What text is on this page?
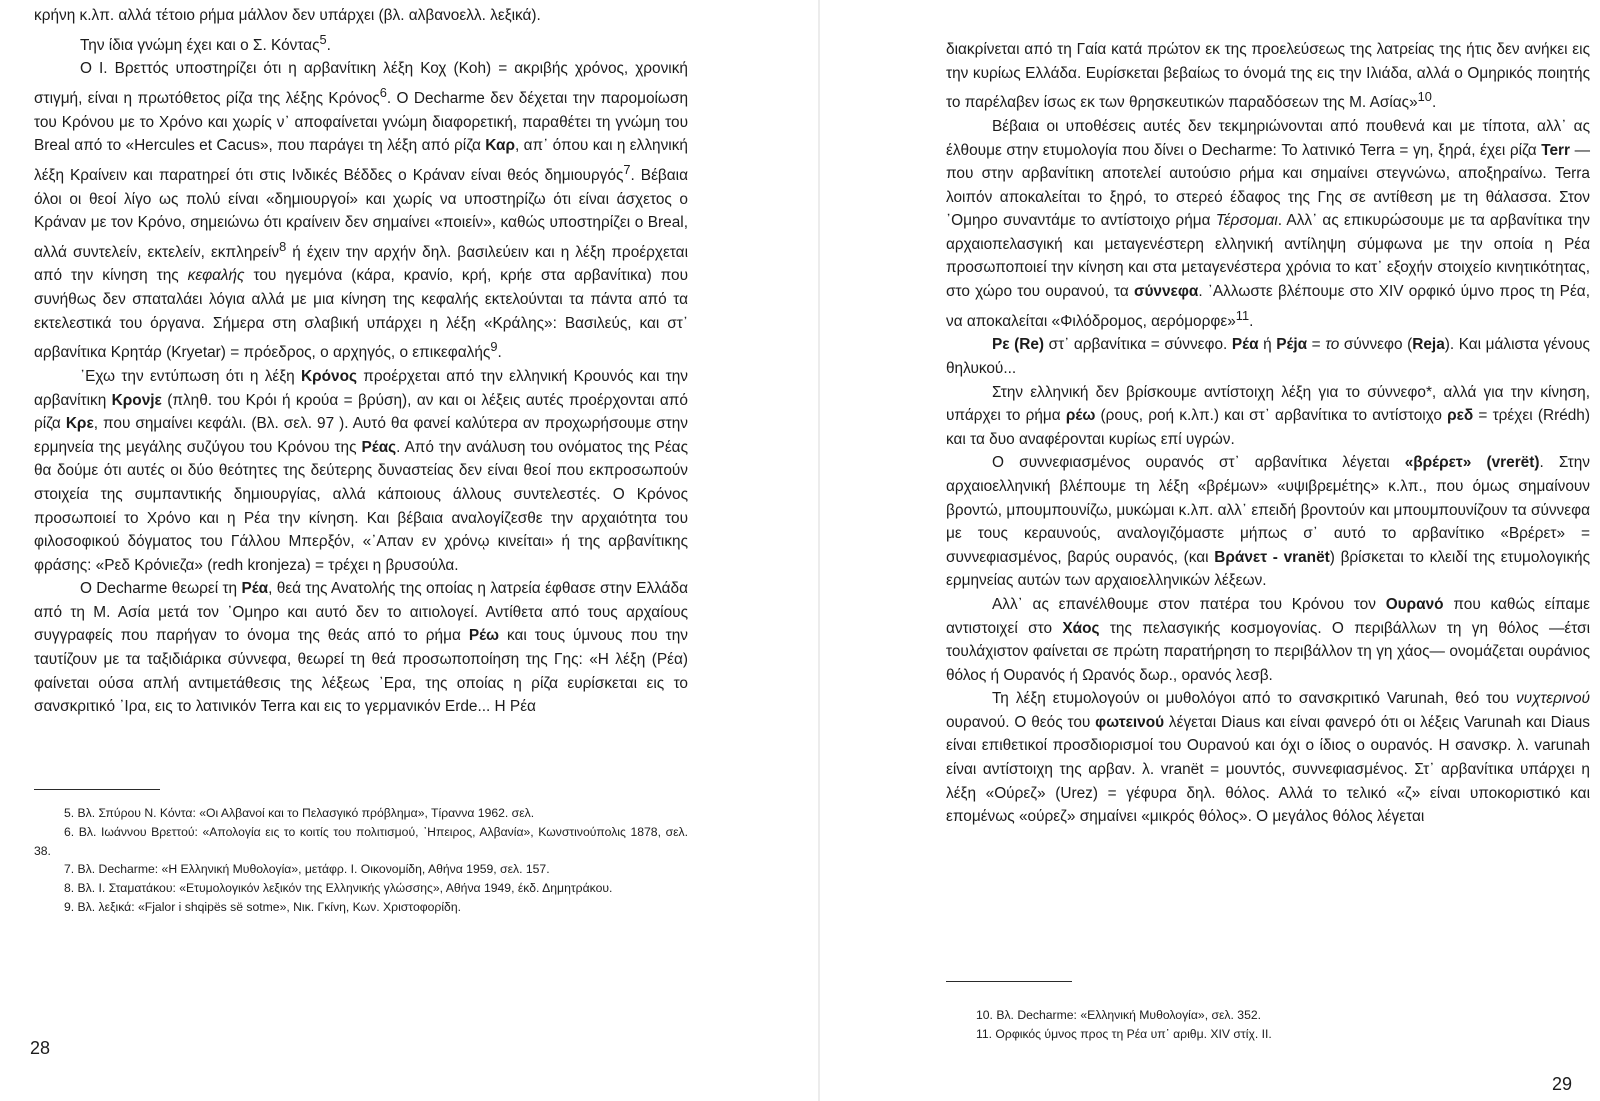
κρήνη κ.λπ. αλλά τέτοιο ρήμα μάλλον δεν υπάρχει (βλ. αλβανοελλ. λεξικά).

Την ίδια γνώμη έχει και ο Σ. Κόντας$^5$.

Ο Ι. Βρεττός υποστηρίζει ότι η αρβανίτικη λέξη Κοχ (Koh) = ακριβής χρόνος, χρονική στιγμή, είναι η πρωτόθετος ρίζα της λέξης Κρόνος$^6$. Ο Decharme δεν δέχεται την παρομοίωση του Κρόνου με το Χρόνο και χωρίς ν᾽ αποφαίνεται γνώμη διαφορετική, παραθέτει τη γνώμη του Breal από το «Hercules et Cacus», που παράγει τη λέξη από ρίζα Καρ, απ᾽ όπου και η ελληνική λέξη Κραίνειν και παρατηρεί ότι στις Ινδικές Βέδδες ο Κράναν είναι θεός δημιουργός$^7$. Βέβαια όλοι οι θεοί λίγο ως πολύ είναι «δημιουργοί» και χωρίς να υποστηρίζω ότι είναι άσχετος ο Κράναν με τον Κρόνο, σημειώνω ότι κραίνειν δεν σημαίνει «ποιείν», καθώς υποστηρίζει ο Βreal, αλλά συντελείν, εκτελείν, εκπληρείν$^8$ ή έχειν την αρχήν δηλ. βασιλεύειν και η λέξη προέρχεται από την κίνηση της κεφαλής του ηγεμόνα (κάρα, κρανίο, κρή, κρήε στα αρβανίτικα) που συνήθως δεν σπαταλάει λόγια αλλά με μια κίνηση της κεφαλής εκτελούνται τα πάντα από τα εκτελεστικά του όργανα. Σήμερα στη σλαβική υπάρχει η λέξη «Κράλης»: Βασιλεύς, και στ᾽ αρβανίτικα Κρητάρ (Kryetar) = πρόεδρος, ο αρχηγός, ο επικεφαλής$^9$.

᾽Εχω την εντύπωση ότι η λέξη Κρόνος προέρχεται από την ελληνική Κρουνός και την αρβανίτικη Κρονjε (πληθ. του Κρόι ή κρούα = βρύση), αν και οι λέξεις αυτές προέρχονται από ρίζα Κρε, που σημαίνει κεφάλι. (Βλ. σελ. 97 ). Αυτό θα φανεί καλύτερα αν προχωρήσουμε στην ερμηνεία της μεγάλης συζύγου του Κρόνου της Ρέας. Από την ανάλυση του ονόματος της Ρέας θα δούμε ότι αυτές οι δύο θεότητες της δεύτερης δυναστείας δεν είναι θεοί που εκπροσωπούν στοιχεία της συμπαντικής δημιουργίας, αλλά κάποιους άλλους συντελεστές. Ο Κρόνος προσωποιεί το Χρόνο και η Ρέα την κίνηση. Και βέβαια αναλογίζεσθε την αρχαιότητα του φιλοσοφικού δόγματος του Γάλλου Μπερξόν, «᾽Απαν εν χρόνῳ κινείται» ή της αρβανίτικης φράσης: «Ρεδ Κρόνιεζα» (redh kronjeza) = τρέχει η βρυσούλα.

Ο Decharme θεωρεί τη Ρέα, θεά της Ανατολής της οποίας η λατρεία έφθασε στην Ελλάδα από τη Μ. Ασία μετά τον ᾽Ομηρο και αυτό δεν το αιτιολογεί. Αντίθετα από τους αρχαίους συγγραφείς που παρήγαν το όνομα της θεάς από το ρήμα Ρέω και τους ύμνους που την ταυτίζουν με τα ταξιδιάρικα σύννεφα, θεωρεί τη θεά προσωποποίηση της Γης: «Η λέξη (Ρέα) φαίνεται ούσα απλή αντιμετάθεσις της λέξεως ᾽Ερα, της οποίας η ρίζα ευρίσκεται εις το σανσκριτικό ᾽Ιρα, εις το λατινικόν Terra και εις το γερμανικόν Erde... Η Ρέα

5. Βλ. Σπύρου Ν. Κόντα: «Οι Αλβανοί και το Πελασγικό πρόβλημα», Τίραννα 1962. σελ.

6. Βλ. Ιωάννου Βρεττού: «Απολογία εις το κοιτίς του πολιτισμού, ᾽Ηπειρος, Αλβανία», Κωνστινούπολις 1878, σελ. 38.

7. Βλ. Decharme: «Η Ελληνική Μυθολογία», μετάφρ. Ι. Οικονομίδη, Αθήνα 1959, σελ. 157.

8. Βλ. Ι. Σταματάκου: «Ετυμολογικόν λεξικόν της Ελληνικής γλώσσης», Αθήνα 1949, έκδ. Δημητράκου.

9. Βλ. λεξικά: «Fjalor i shqipës së sotme», Νικ. Γκίνη, Κων. Χριστοφορίδη.

28

διακρίνεται από τη Γαία κατά πρώτον εκ της προελεύσεως της λατρείας της ήτις δεν ανήκει εις την κυρίως Ελλάδα. Ευρίσκεται βεβαίως το όνομά της εις την Ιλιάδα, αλλά ο Ομηρικός ποιητής το παρέλαβεν ίσως εκ των θρησκευτικών παραδόσεων της Μ. Ασίας»$^{10}$.

Βέβαια οι υποθέσεις αυτές δεν τεκμηριώνονται από πουθενά και με τίποτα, αλλ᾽ ας έλθουμε στην ετυμολογία που δίνει ο Decharme: Το λατινικό Terra = γη, ξηρά, έχει ρίζα Terr — που στην αρβανίτικη αποτελεί αυτούσιο ρήμα και σημαίνει στεγνώνω, αποξηραίνω. Terra λοιπόν αποκαλείται το ξηρό, το στερεό έδαφος της Γης σε αντίθεση με τη θάλασσα. Στον ᾽Ομηρο συναντάμε το αντίστοιχο ρήμα Τέρσομαι. Αλλ᾽ ας επικυρώσουμε με τα αρβανίτικα την αρχαιοπελασγική και μεταγενέστερη ελληνική αντίληψη σύμφωνα με την οποία η Ρέα προσωποποιεί την κίνηση και στα μεταγενέστερα χρόνια το κατ᾽ εξοχήν στοιχείο κινητικότητας, στο χώρο του ουρανού, τα σύννεφα. ᾽Αλλωστε βλέπουμε στο XIV ορφικό ύμνο προς τη Ρέα, να αποκαλείται «Φιλόδρομος, αερόμορφε»$^{11}$.

Ρε (Re) στ᾽ αρβανίτικα = σύννεφο. Ρέα ή Ρέjα = το σύννεφο (Reja). Και μάλιστα γένους θηλυκού...

Στην ελληνική δεν βρίσκουμε αντίστοιχη λέξη για το σύννεφο*, αλλά για την κίνηση, υπάρχει το ρήμα ρέω (ρους, ροή κ.λπ.) και στ᾽ αρβανίτικα το αντίστοιχο ρεδ = τρέχει (Rrédh) και τα δυο αναφέρονται κυρίως επί υγρών.

Ο συννεφιασμένος ουρανός στ᾽ αρβανίτικα λέγεται «βρέρετ» (vrerët). Στην αρχαιοελληνική βλέπουμε τη λέξη «βρέμων» «υψιβρεμέτης» κ.λπ., που όμως σημαίνουν βροντώ, μπουμπουνίζω, μυκώμαι κ.λπ. αλλ᾽ επειδή βροντούν και μπουμπουνίζουν τα σύννεφα με τους κεραυνούς, αναλογιζόμαστε μήπως σ᾽ αυτό το αρβανίτικο «Βρέρετ» = συννεφιασμένος, βαρύς ουρανός, (και Βράνετ - vranët) βρίσκεται το κλειδί της ετυμολογικής ερμηνείας αυτών των αρχαιοελληνικών λέξεων.

Αλλ᾽ ας επανέλθουμε στον πατέρα του Κρόνου τον Ουρανό που καθώς είπαμε αντιστοιχεί στο Χάος της πελασγικής κοσμογονίας. Ο περιβάλλων τη γη θόλος —έτσι τουλάχιστον φαίνεται σε πρώτη παρατήρηση το περιβάλλον τη γη χάος— ονομάζεται ουράνιος θόλος ή Ουρανός ή Ωρανός δωρ., ορανός λεσβ.

Τη λέξη ετυμολογούν οι μυθολόγοι από το σανσκριτικό Varunah, θεό του νυχτερινού ουρανού. Ο θεός του φωτεινού λέγεται Diaus και είναι φανερό ότι οι λέξεις Varunah και Diaus είναι επιθετικοί προσδιορισμοί του Ουρανού και όχι ο ίδιος ο ουρανός. Η σανσκρ. λ. varunah είναι αντίστοιχη της αρβαν. λ. vranët = μουντός, συννεφιασμένος. Στ᾽ αρβανίτικα υπάρχει η λέξη «Ούρεζ» (Urez) = γέφυρα δηλ. θόλος. Αλλά το τελικό «ζ» είναι υποκοριστικό και επομένως «ούρεζ» σημαίνει «μικρός θόλος». Ο μεγάλος θόλος λέγεται

10. Βλ. Decharme: «Ελληνική Μυθολογία», σελ. 352.

11. Ορφικός ύμνος προς τη Ρέα υπ᾽ αριθμ. XIV στίχ. ΙΙ.

29
